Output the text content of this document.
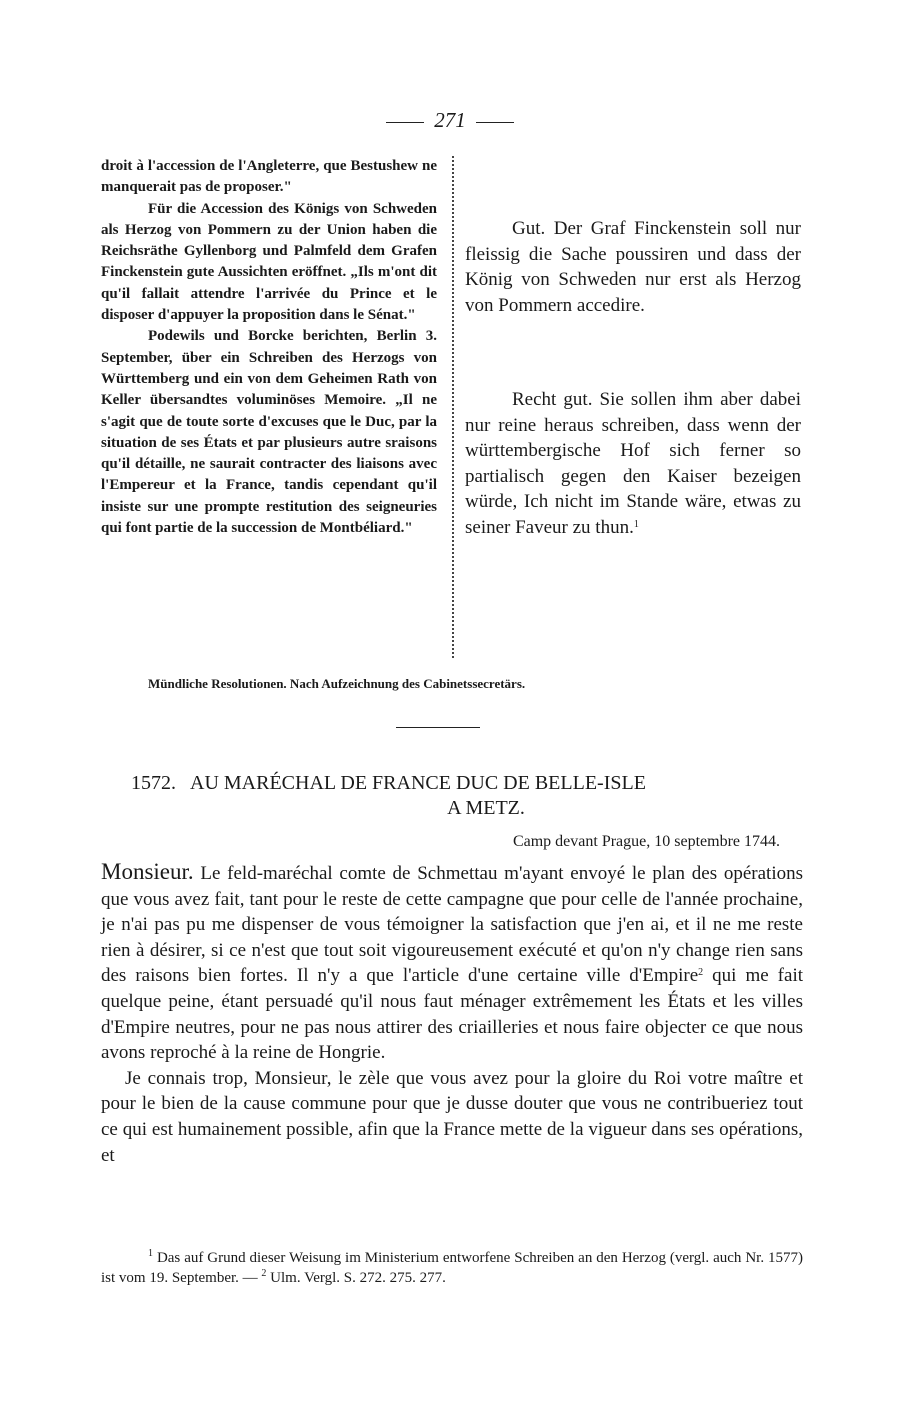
271

droit à l'accession de l'Angleterre, que Bestushew ne manquerait pas de proposer."

Für die Accession des Königs von Schweden als Herzog von Pommern zu der Union haben die Reichsräthe Gyllenborg und Palmfeld dem Grafen Finckenstein gute Aussichten eröffnet. „Ils m'ont dit qu'il fallait attendre l'arrivée du Prince et le disposer d'appuyer la proposition dans le Sénat."

Podewils und Borcke berichten, Berlin 3. September, über ein Schreiben des Herzogs von Württemberg und ein von dem Geheimen Rath von Keller übersandtes voluminöses Memoire. „Il ne s'agit que de toute sorte d'excuses que le Duc, par la situation de ses États et par plusieurs autre sraisons qu'il détaille, ne saurait contracter des liaisons avec l'Empereur et la France, tandis cependant qu'il insiste sur une prompte restitution des seigneuries qui font partie de la succession de Montbéliard."

Gut. Der Graf Finckenstein soll nur fleissig die Sache poussiren und dass der König von Schweden nur erst als Herzog von Pommern accedire.

Recht gut. Sie sollen ihm aber dabei nur reine heraus schreiben, dass wenn der württembergische Hof sich ferner so partialisch gegen den Kaiser bezeigen würde, Ich nicht im Stande wäre, etwas zu seiner Faveur zu thun.$^1$

Mündliche Resolutionen. Nach Aufzeichnung des Cabinetssecretärs.
1572. AU MARÉCHAL DE FRANCE DUC DE BELLE-ISLE
A METZ.
Camp devant Prague, 10 septembre 1744.

Monsieur. Le feld-maréchal comte de Schmettau m'ayant envoyé le plan des opérations que vous avez fait, tant pour le reste de cette campagne que pour celle de l'année prochaine, je n'ai pas pu me dispenser de vous témoigner la satisfaction que j'en ai, et il ne me reste rien à désirer, si ce n'est que tout soit vigoureusement exécuté et qu'on n'y change rien sans des raisons bien fortes. Il n'y a que l'article d'une certaine ville d'Empire$^2$ qui me fait quelque peine, étant persuadé qu'il nous faut ménager extrêmement les États et les villes d'Empire neutres, pour ne pas nous attirer des criailleries et nous faire objecter ce que nous avons reproché à la reine de Hongrie.

Je connais trop, Monsieur, le zèle que vous avez pour la gloire du Roi votre maître et pour le bien de la cause commune pour que je dusse douter que vous ne contribueriez tout ce qui est humainement possible, afin que la France mette de la vigueur dans ses opérations, et

$^1$ Das auf Grund dieser Weisung im Ministerium entworfene Schreiben an den Herzog (vergl. auch Nr. 1577) ist vom 19. September. — $^2$ Ulm. Vergl. S. 272. 275. 277.
